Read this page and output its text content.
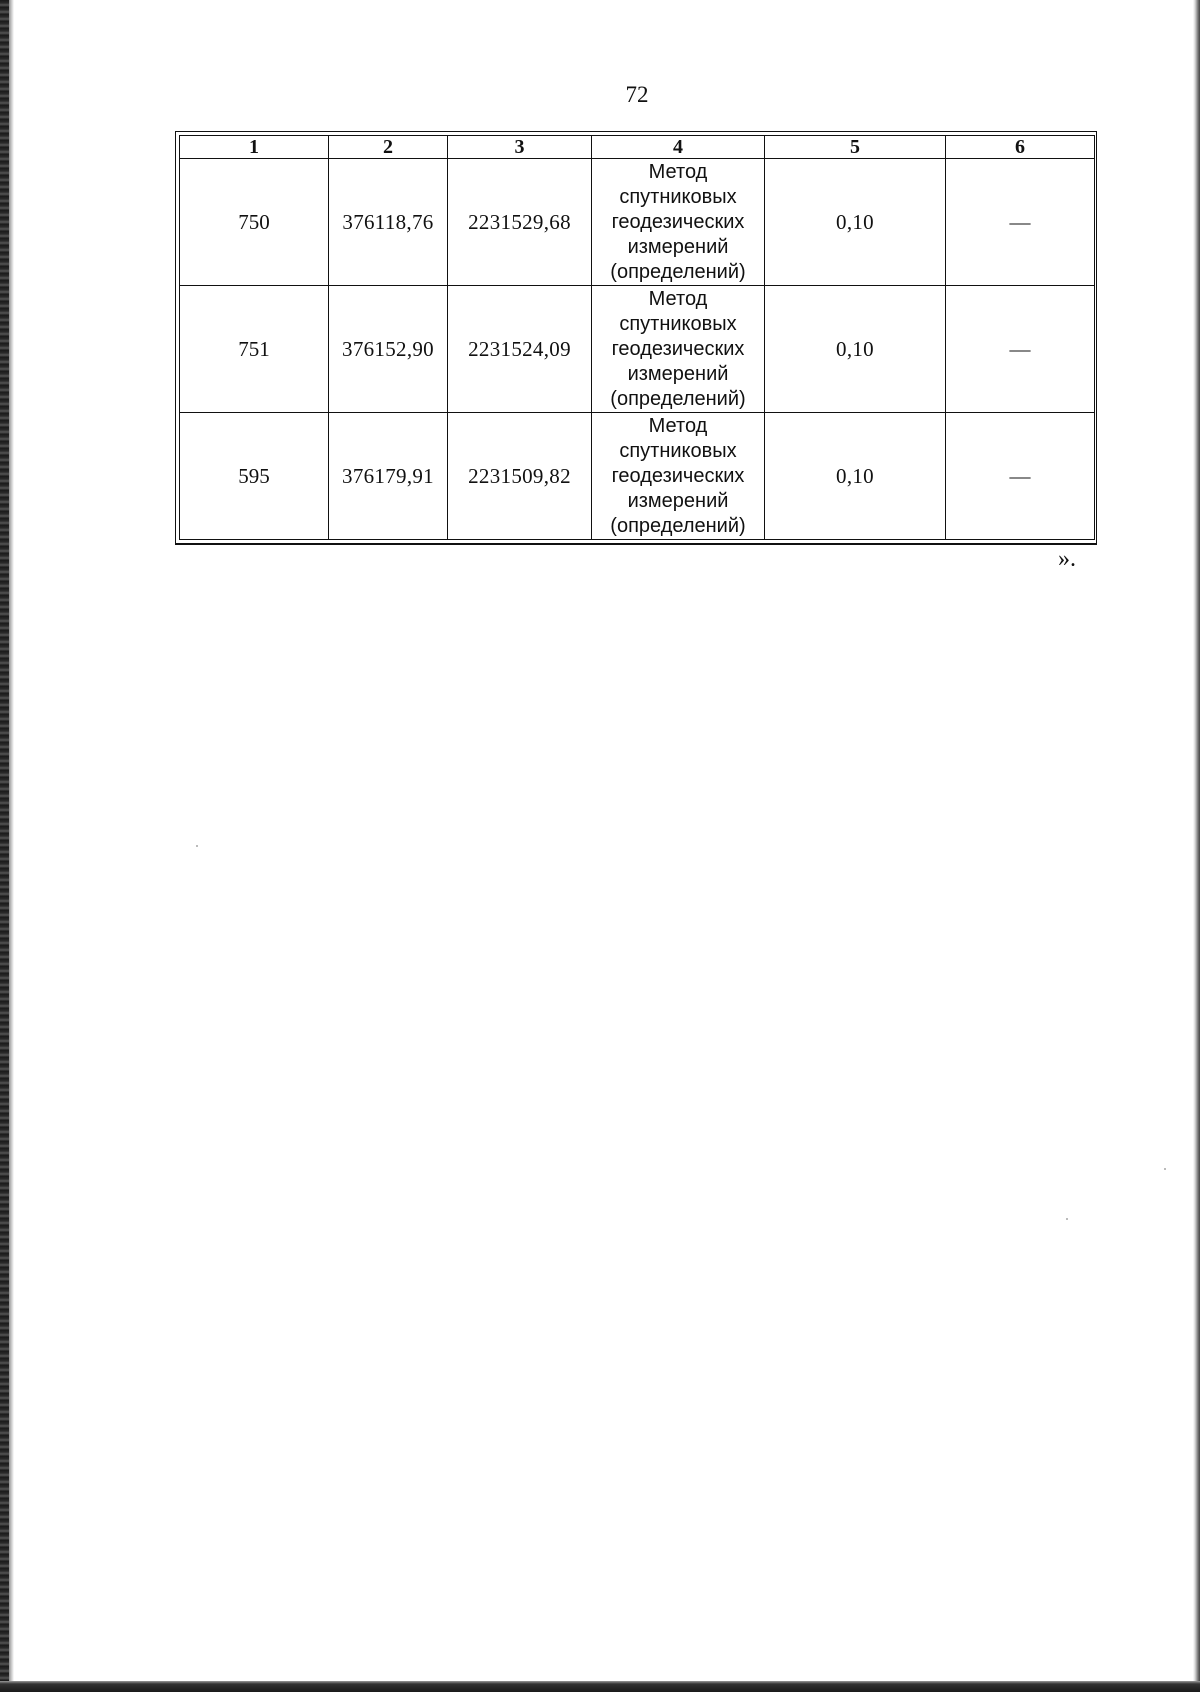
72
1	2	3	4	5	6
750	376118,76	2231529,68	Метод
спутниковых
геодезических
измерений
(определений)	0,10	—
751	376152,90	2231524,09	Метод
спутниковых
геодезических
измерений
(определений)	0,10	—
595	376179,91	2231509,82	Метод
спутниковых
геодезических
измерений
(определений)	0,10	—
».
